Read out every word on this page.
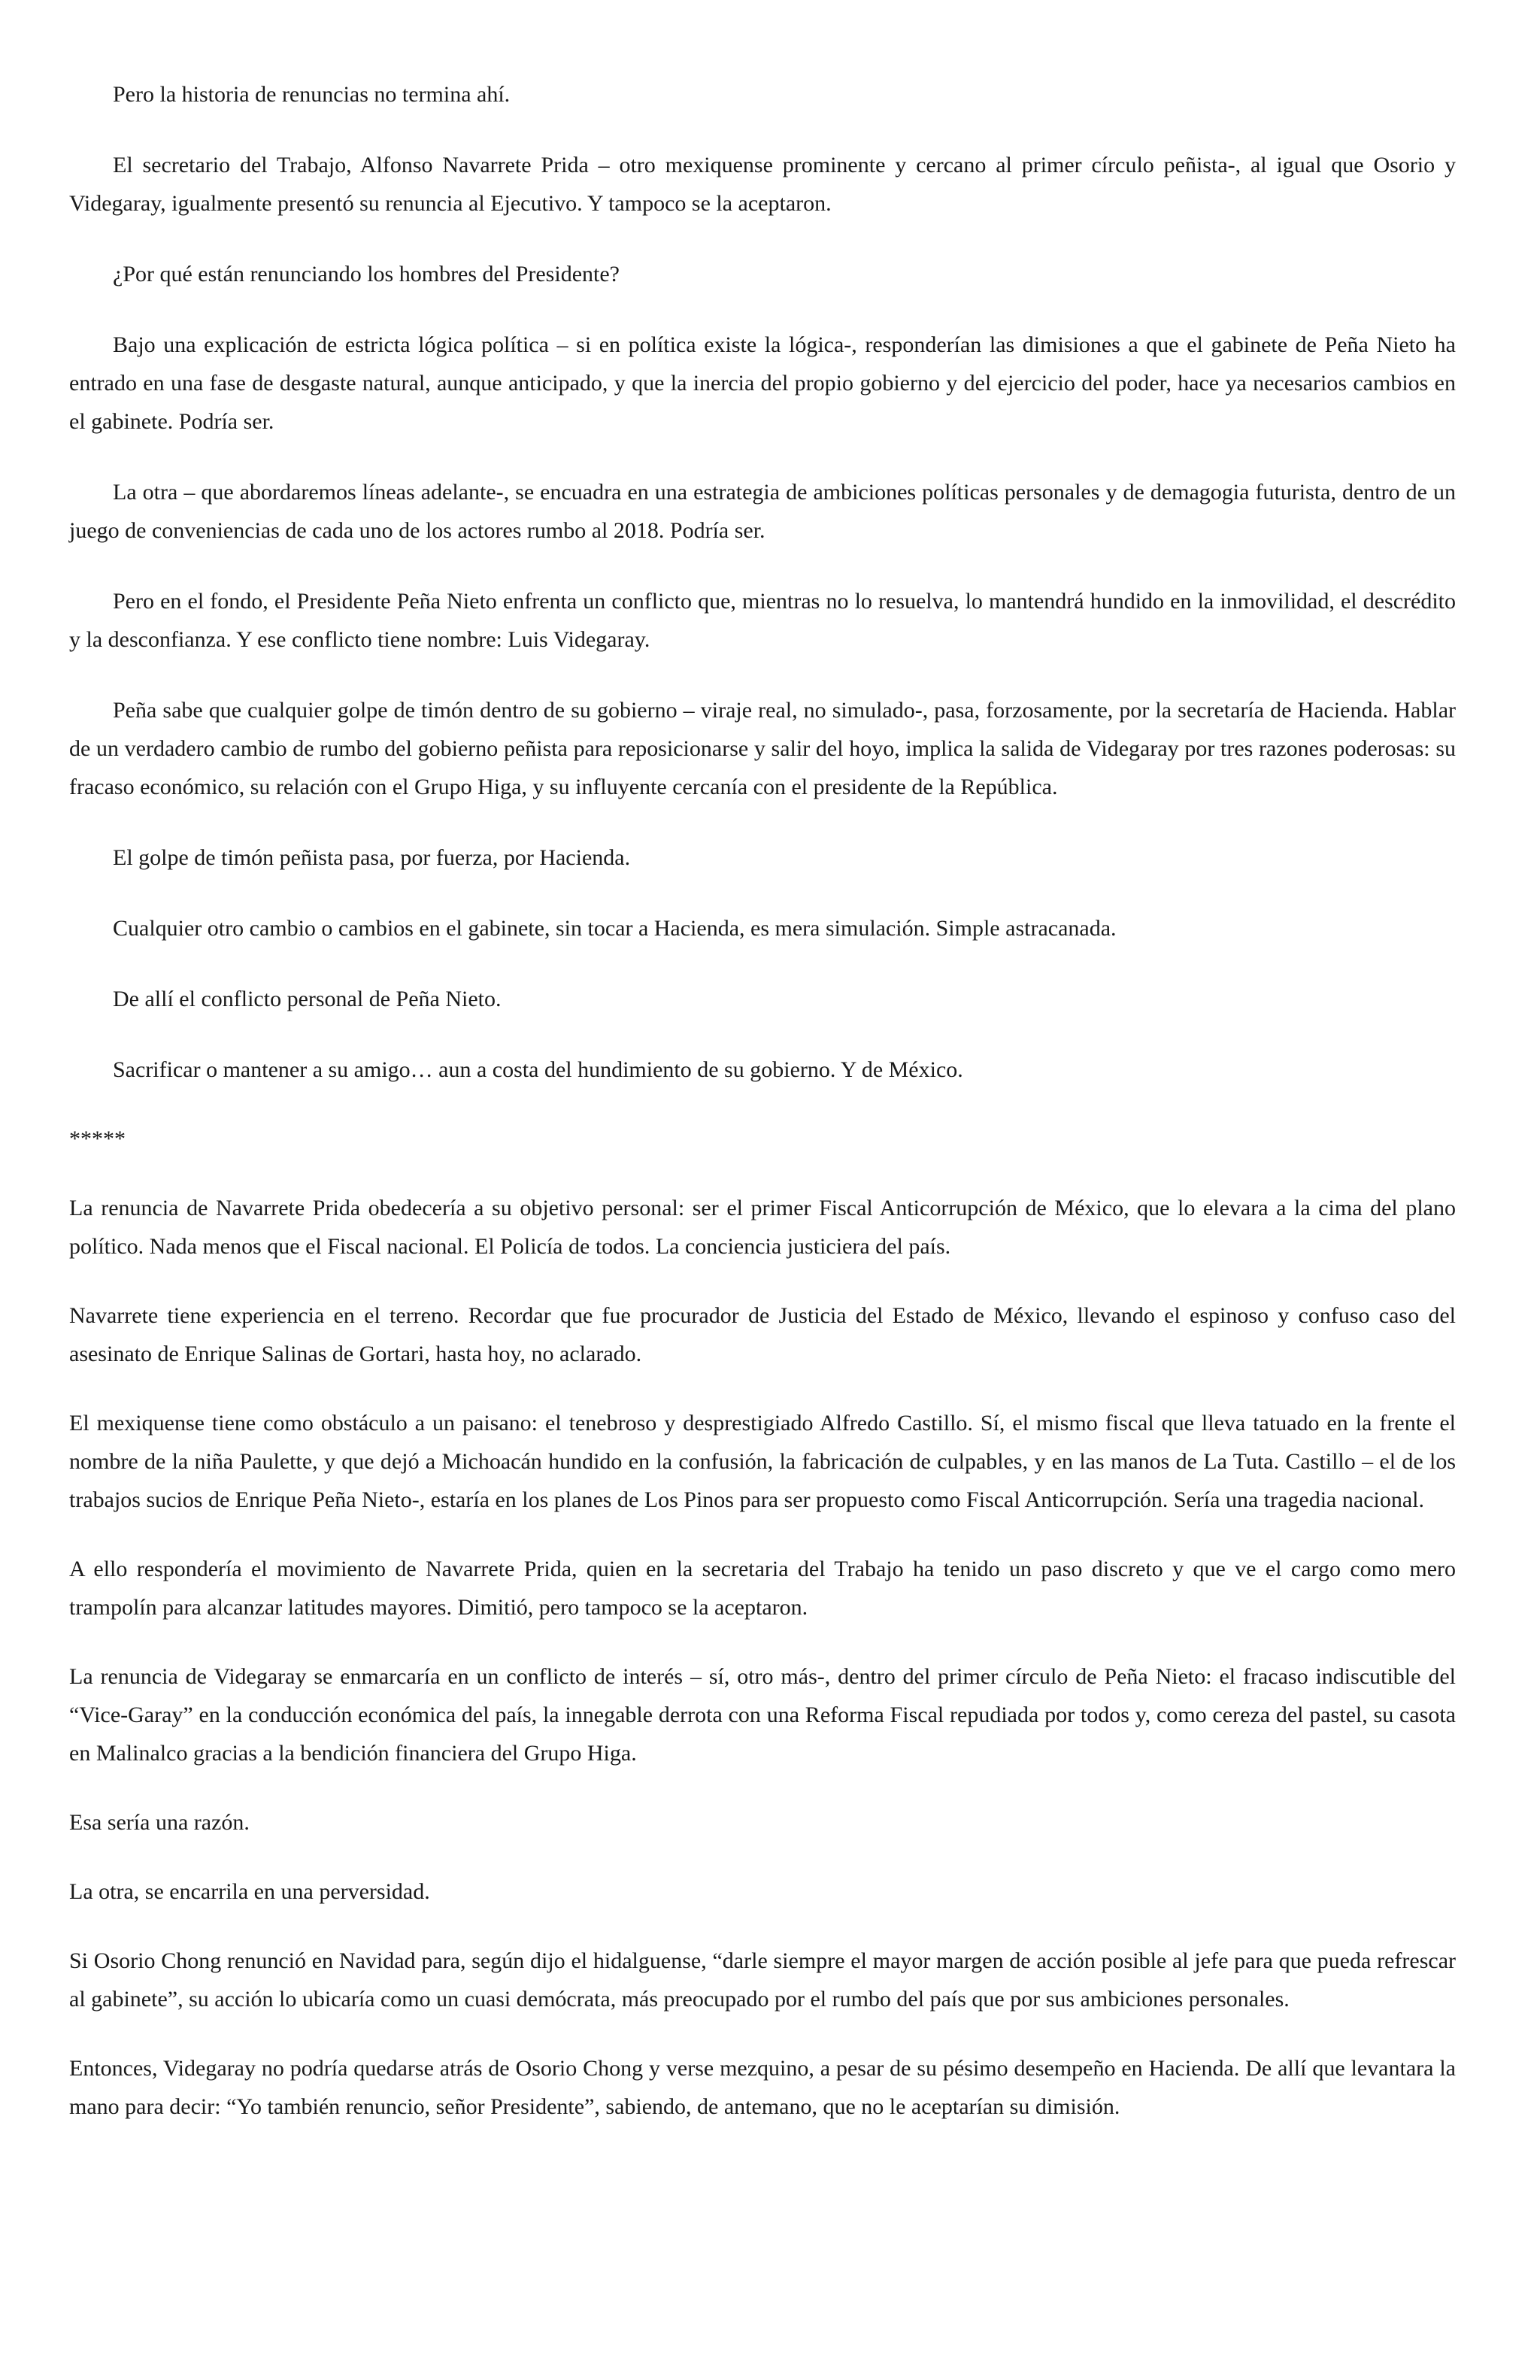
Pero la historia de renuncias no termina ahí.

El secretario del Trabajo, Alfonso Navarrete Prida – otro mexiquense prominente y cercano al primer círculo peñista-, al igual que Osorio y Videgaray, igualmente presentó su renuncia al Ejecutivo. Y tampoco se la aceptaron.

¿Por qué están renunciando los hombres del Presidente?

Bajo una explicación de estricta lógica política – si en política existe la lógica-, responderían las dimisiones a que el gabinete de Peña Nieto ha entrado en una fase de desgaste natural, aunque anticipado, y que la inercia del propio gobierno y del ejercicio del poder, hace ya necesarios cambios en el gabinete. Podría ser.

La otra – que abordaremos líneas adelante-, se encuadra en una estrategia de ambiciones políticas personales y de demagogia futurista, dentro de un juego de conveniencias de cada uno de los actores rumbo al 2018. Podría ser.

Pero en el fondo, el Presidente Peña Nieto enfrenta un conflicto que, mientras no lo resuelva, lo mantendrá hundido en la inmovilidad, el descrédito y la desconfianza. Y ese conflicto tiene nombre: Luis Videgaray.

Peña sabe que cualquier golpe de timón dentro de su gobierno – viraje real, no simulado-, pasa, forzosamente, por la secretaría de Hacienda. Hablar de un verdadero cambio de rumbo del gobierno peñista para reposicionarse y salir del hoyo, implica la salida de Videgaray por tres razones poderosas: su fracaso económico, su relación con el Grupo Higa, y su influyente cercanía con el presidente de la República.

El golpe de timón peñista pasa, por fuerza, por Hacienda.

Cualquier otro cambio o cambios en el gabinete, sin tocar a Hacienda, es mera simulación. Simple astracanada.

De allí el conflicto personal de Peña Nieto.

Sacrificar o mantener a su amigo… aun a costa del hundimiento de su gobierno. Y de México.

*****

La renuncia de Navarrete Prida obedecería a su objetivo personal: ser el primer Fiscal Anticorrupción de México, que lo elevara a la cima del plano político. Nada menos que el Fiscal nacional. El Policía de todos. La conciencia justiciera del país.

Navarrete tiene experiencia en el terreno. Recordar que fue procurador de Justicia del Estado de México, llevando el espinoso y confuso caso del asesinato de Enrique Salinas de Gortari, hasta hoy, no aclarado.

El mexiquense tiene como obstáculo a un paisano: el tenebroso y desprestigiado Alfredo Castillo. Sí, el mismo fiscal que lleva tatuado en la frente el nombre de la niña Paulette, y que dejó a Michoacán hundido en la confusión, la fabricación de culpables, y en las manos de La Tuta. Castillo – el de los trabajos sucios de Enrique Peña Nieto-, estaría en los planes de Los Pinos para ser propuesto como Fiscal Anticorrupción. Sería una tragedia nacional.

A ello respondería el movimiento de Navarrete Prida, quien en la secretaria del Trabajo ha tenido un paso discreto y que ve el cargo como mero trampolín para alcanzar latitudes mayores. Dimitió, pero tampoco se la aceptaron.

La renuncia de Videgaray se enmarcaría en un conflicto de interés – sí, otro más-, dentro del primer círculo de Peña Nieto: el fracaso indiscutible del “Vice-Garay” en la conducción económica del país, la innegable derrota con una Reforma Fiscal repudiada por todos y, como cereza del pastel, su casota en Malinalco gracias a la bendición financiera del Grupo Higa.

Esa sería una razón.

La otra, se encarrila en una perversidad.

Si Osorio Chong renunció en Navidad para, según dijo el hidalguense, “darle siempre el mayor margen de acción posible al jefe para que pueda refrescar al gabinete”, su acción lo ubicaría como un cuasi demócrata, más preocupado por el rumbo del país que por sus ambiciones personales.

Entonces, Videgaray no podría quedarse atrás de Osorio Chong y verse mezquino, a pesar de su pésimo desempeño en Hacienda. De allí que levantara la mano para decir: “Yo también renuncio, señor Presidente”, sabiendo, de antemano, que no le aceptarían su dimisión.
